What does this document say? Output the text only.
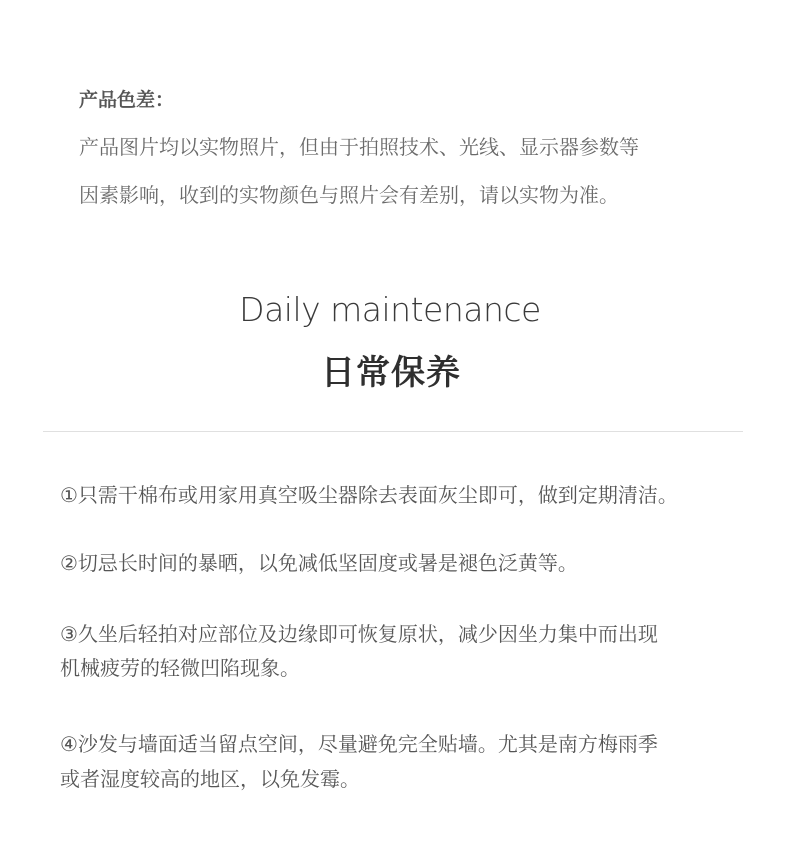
产品色差：
产品图片均以实物照片，但由于拍照技术、光线、显示器参数等
因素影响，收到的实物颜色与照片会有差别，请以实物为准。
Daily maintenance
日常保养
①只需干棉布或用家用真空吸尘器除去表面灰尘即可，做到定期清洁。
②切忌长时间的暴晒，以免减低坚固度或暑是褪色泛黄等。
③久坐后轻拍对应部位及边缘即可恢复原状，减少因坐力集中而出现
机械疲劳的轻微凹陷现象。
④沙发与墙面适当留点空间，尽量避免完全贴墙。尤其是南方梅雨季
或者湿度较高的地区，以免发霉。
